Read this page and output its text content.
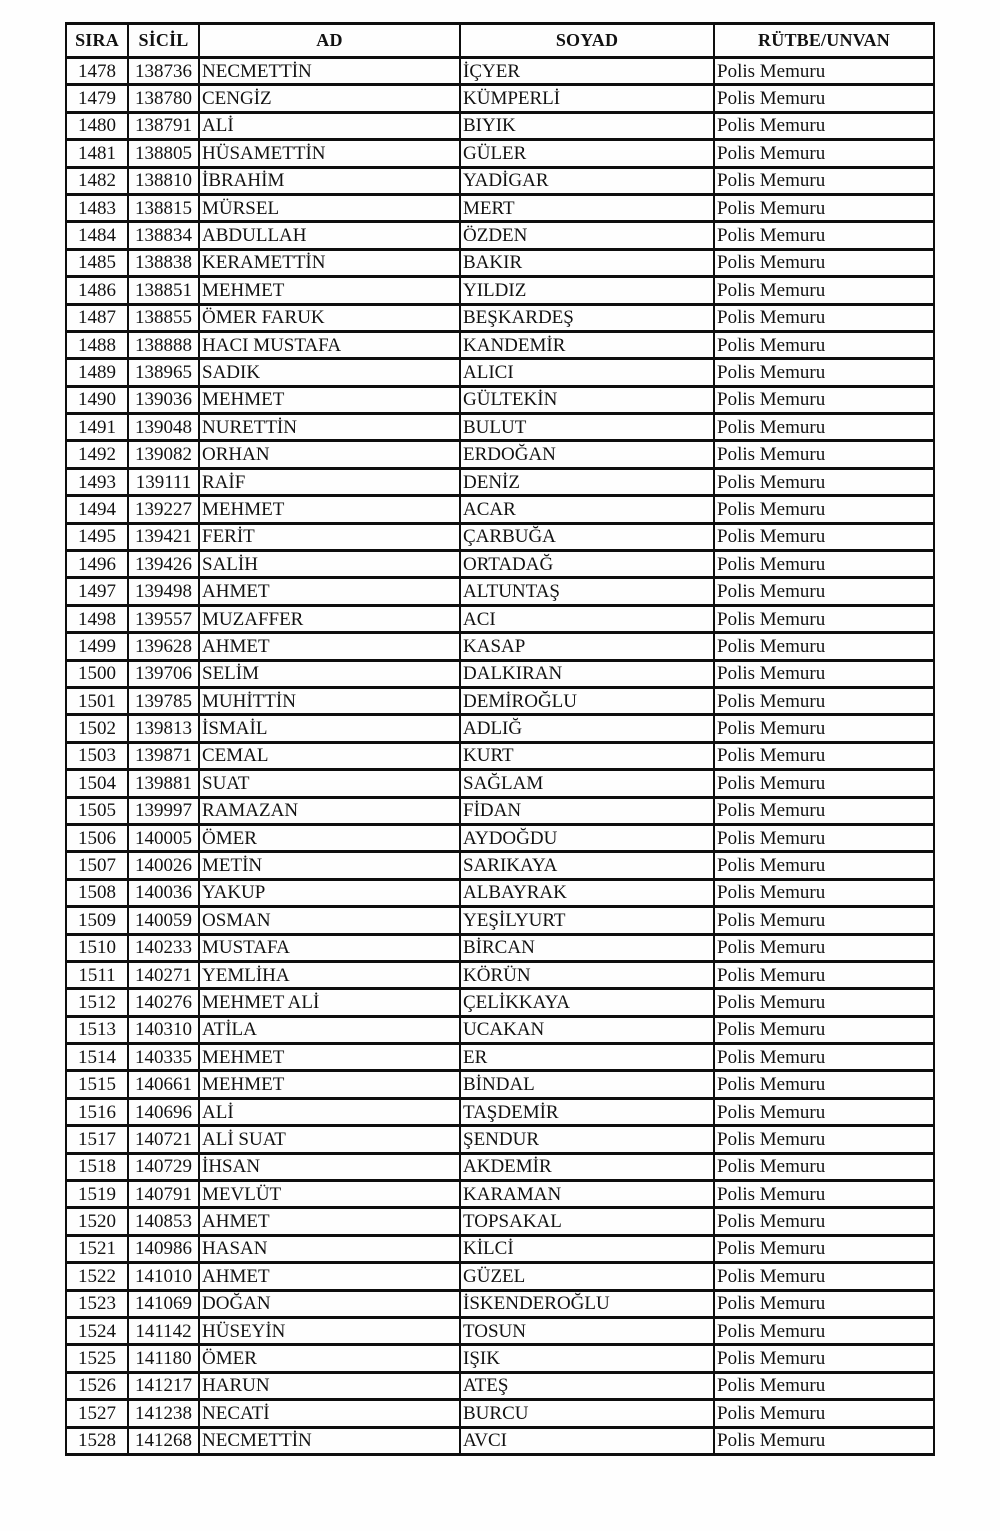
SIRA	SİCİL	AD	SOYAD	RÜTBE/UNVAN
1478	138736	NECMETTİN	İÇYER	Polis Memuru
1479	138780	CENGİZ	KÜMPERLİ	Polis Memuru
1480	138791	ALİ	BIYIK	Polis Memuru
1481	138805	HÜSAMETTİN	GÜLER	Polis Memuru
1482	138810	İBRAHİM	YADİGAR	Polis Memuru
1483	138815	MÜRSEL	MERT	Polis Memuru
1484	138834	ABDULLAH	ÖZDEN	Polis Memuru
1485	138838	KERAMETTİN	BAKIR	Polis Memuru
1486	138851	MEHMET	YILDIZ	Polis Memuru
1487	138855	ÖMER FARUK	BEŞKARDEŞ	Polis Memuru
1488	138888	HACI MUSTAFA	KANDEMİR	Polis Memuru
1489	138965	SADIK	ALICI	Polis Memuru
1490	139036	MEHMET	GÜLTEKİN	Polis Memuru
1491	139048	NURETTİN	BULUT	Polis Memuru
1492	139082	ORHAN	ERDOĞAN	Polis Memuru
1493	139111	RAİF	DENİZ	Polis Memuru
1494	139227	MEHMET	ACAR	Polis Memuru
1495	139421	FERİT	ÇARBUĞA	Polis Memuru
1496	139426	SALİH	ORTADAĞ	Polis Memuru
1497	139498	AHMET	ALTUNTAŞ	Polis Memuru
1498	139557	MUZAFFER	ACI	Polis Memuru
1499	139628	AHMET	KASAP	Polis Memuru
1500	139706	SELİM	DALKIRAN	Polis Memuru
1501	139785	MUHİTTİN	DEMİROĞLU	Polis Memuru
1502	139813	İSMAİL	ADLIĞ	Polis Memuru
1503	139871	CEMAL	KURT	Polis Memuru
1504	139881	SUAT	SAĞLAM	Polis Memuru
1505	139997	RAMAZAN	FİDAN	Polis Memuru
1506	140005	ÖMER	AYDOĞDU	Polis Memuru
1507	140026	METİN	SARIKAYA	Polis Memuru
1508	140036	YAKUP	ALBAYRAK	Polis Memuru
1509	140059	OSMAN	YEŞİLYURT	Polis Memuru
1510	140233	MUSTAFA	BİRCAN	Polis Memuru
1511	140271	YEMLİHA	KÖRÜN	Polis Memuru
1512	140276	MEHMET ALİ	ÇELİKKAYA	Polis Memuru
1513	140310	ATİLA	UCAKAN	Polis Memuru
1514	140335	MEHMET	ER	Polis Memuru
1515	140661	MEHMET	BİNDAL	Polis Memuru
1516	140696	ALİ	TAŞDEMİR	Polis Memuru
1517	140721	ALİ SUAT	ŞENDUR	Polis Memuru
1518	140729	İHSAN	AKDEMİR	Polis Memuru
1519	140791	MEVLÜT	KARAMAN	Polis Memuru
1520	140853	AHMET	TOPSAKAL	Polis Memuru
1521	140986	HASAN	KİLCİ	Polis Memuru
1522	141010	AHMET	GÜZEL	Polis Memuru
1523	141069	DOĞAN	İSKENDEROĞLU	Polis Memuru
1524	141142	HÜSEYİN	TOSUN	Polis Memuru
1525	141180	ÖMER	IŞIK	Polis Memuru
1526	141217	HARUN	ATEŞ	Polis Memuru
1527	141238	NECATİ	BURCU	Polis Memuru
1528	141268	NECMETTİN	AVCI	Polis Memuru
